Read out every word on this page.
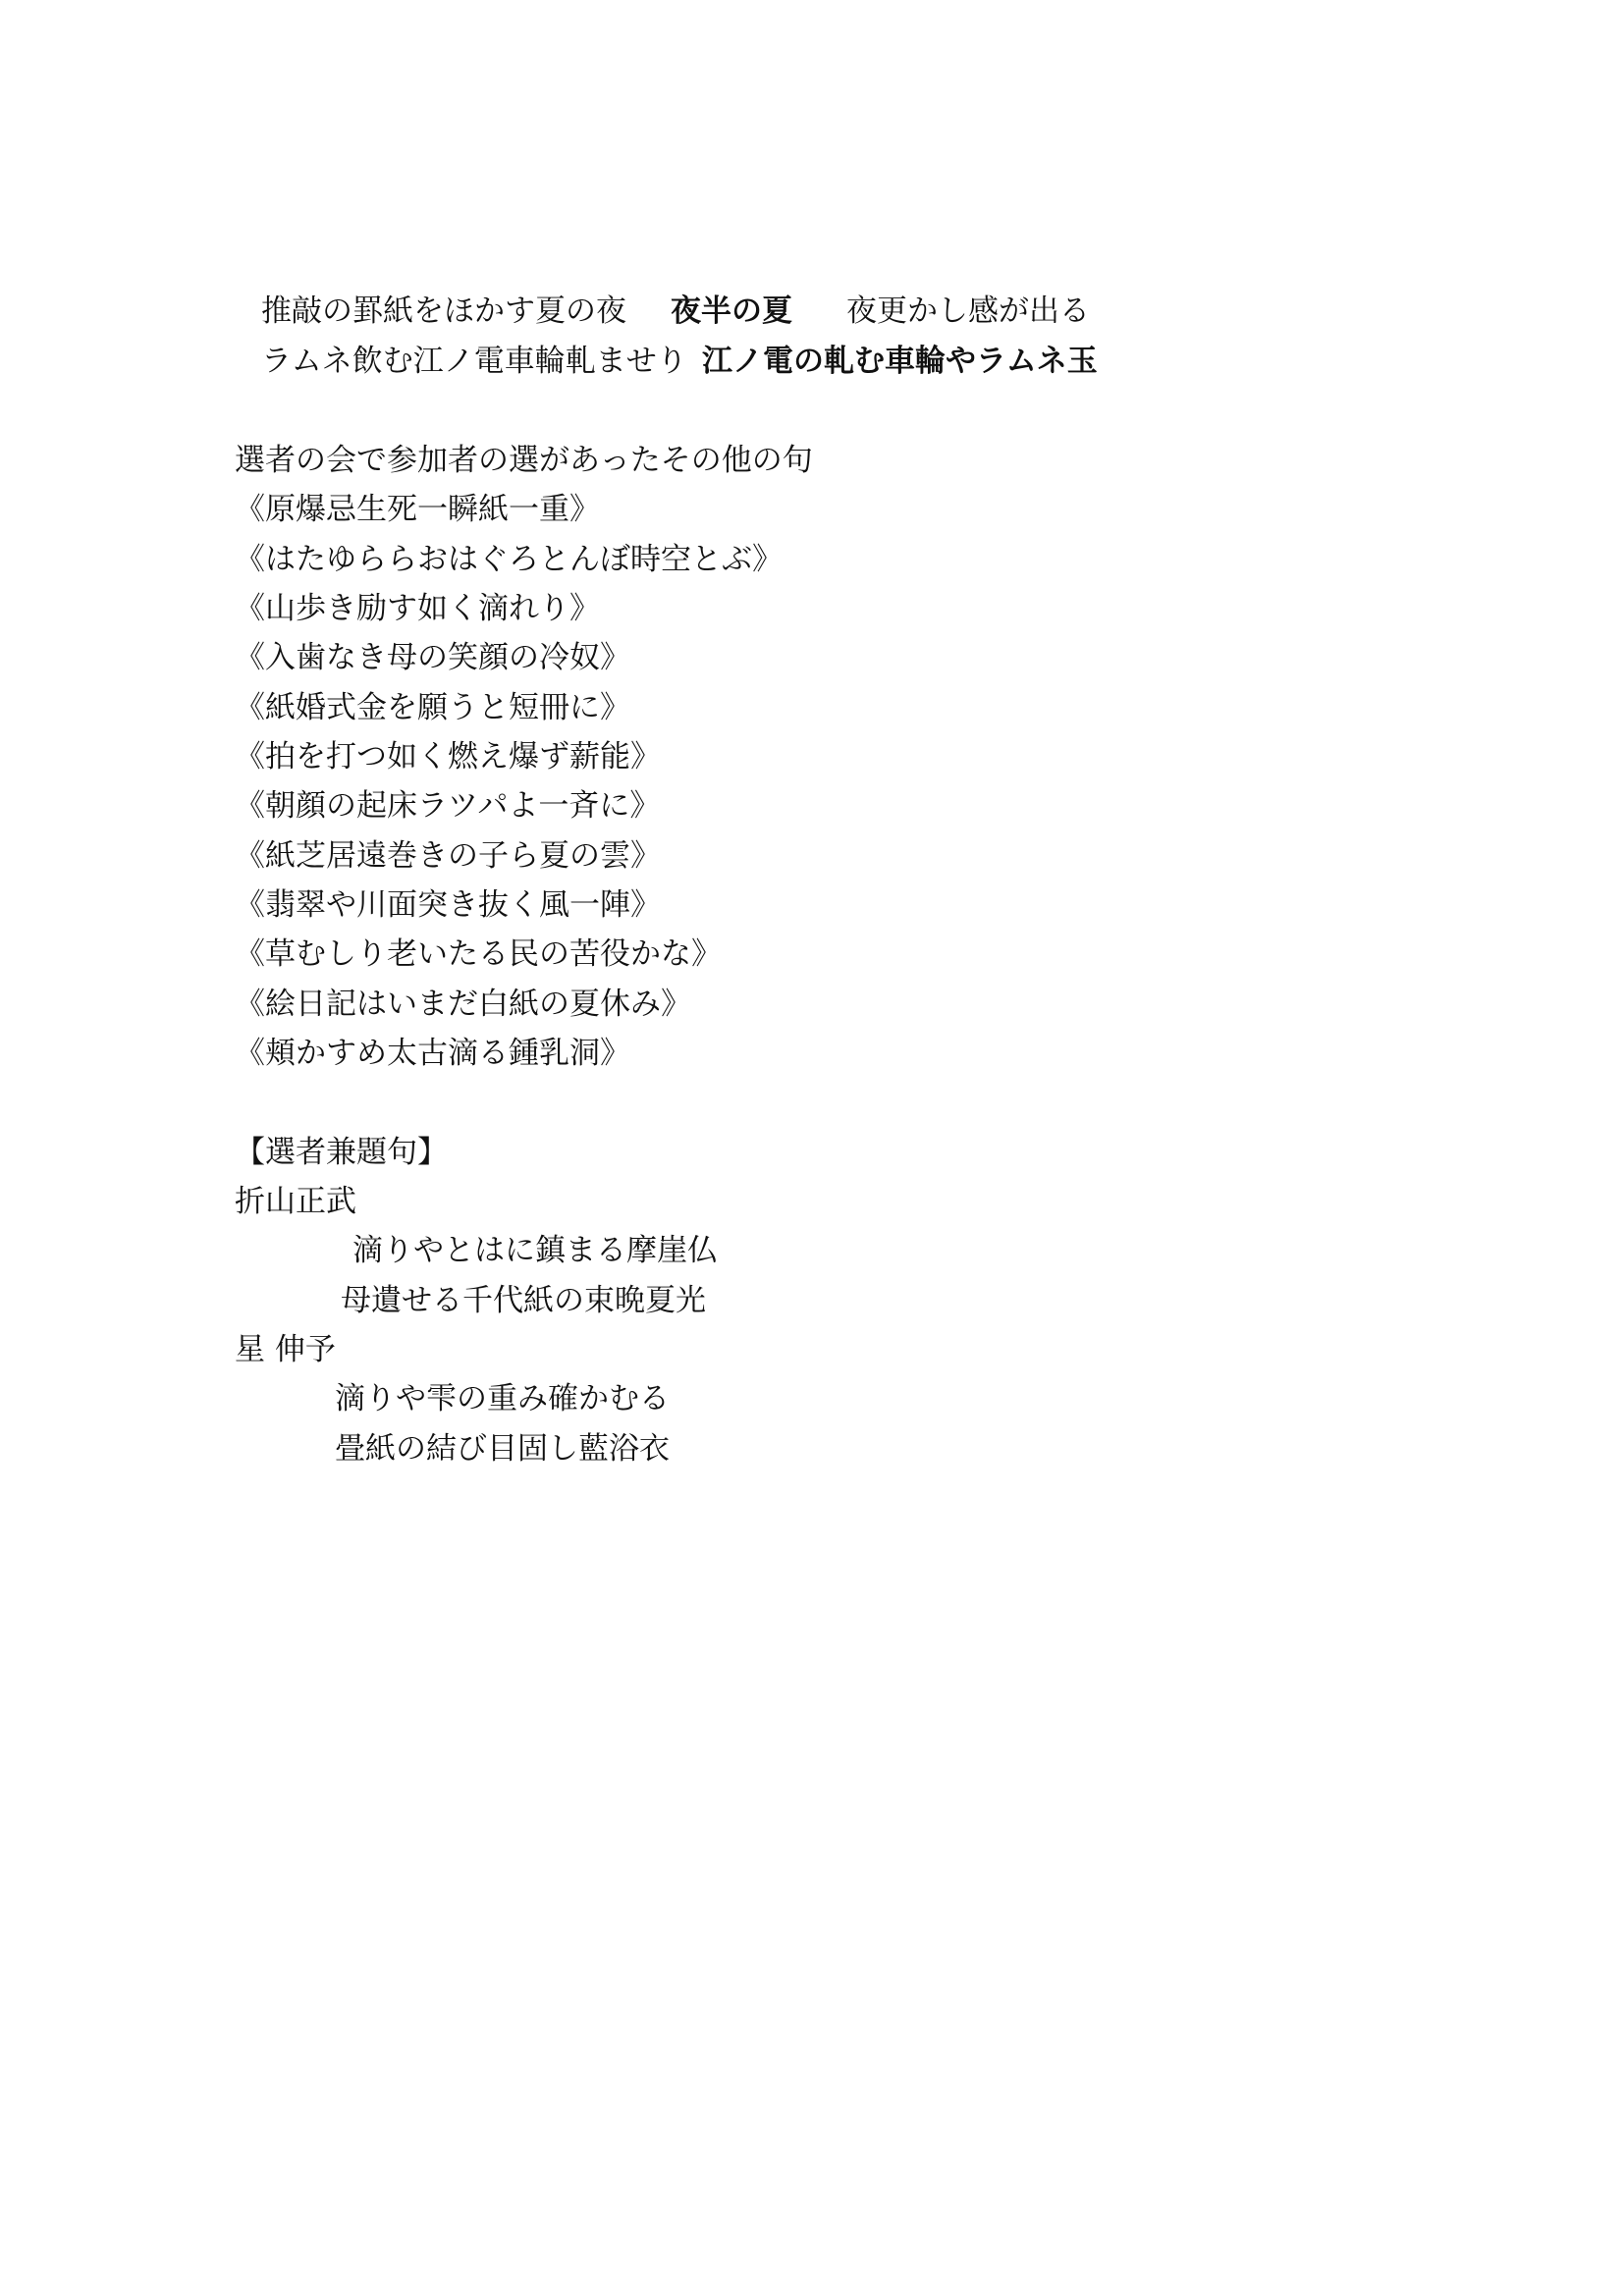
推敲の罫紙をほかす夏の夜 夜半の夏 夜更かし感が出る
ラムネ飲む江ノ電車輪軋ませり 江ノ電の軋む車輪やラムネ玉
選者の会で参加者の選があったその他の句
《原爆忌生死一瞬紙一重》
《はたゆららおはぐろとんぼ時空とぶ》
《山歩き励す如く滴れり》
《入歯なき母の笑顔の冷奴》
《紙婚式金を願うと短冊に》
《拍を打つ如く燃え爆ず薪能》
《朝顔の起床ラツパよ一斉に》
《紙芝居遠巻きの子ら夏の雲》
《翡翠や川面突き抜く風一陣》
《草むしり老いたる民の苦役かな》
《絵日記はいまだ白紙の夏休み》
《頬かすめ太古滴る鍾乳洞》
【選者兼題句】
折山正武
滴りやとはに鎮まる摩崖仏
母遺せる千代紙の束晩夏光
星 伸予
滴りや雫の重み確かむる
畳紙の結び目固し藍浴衣
